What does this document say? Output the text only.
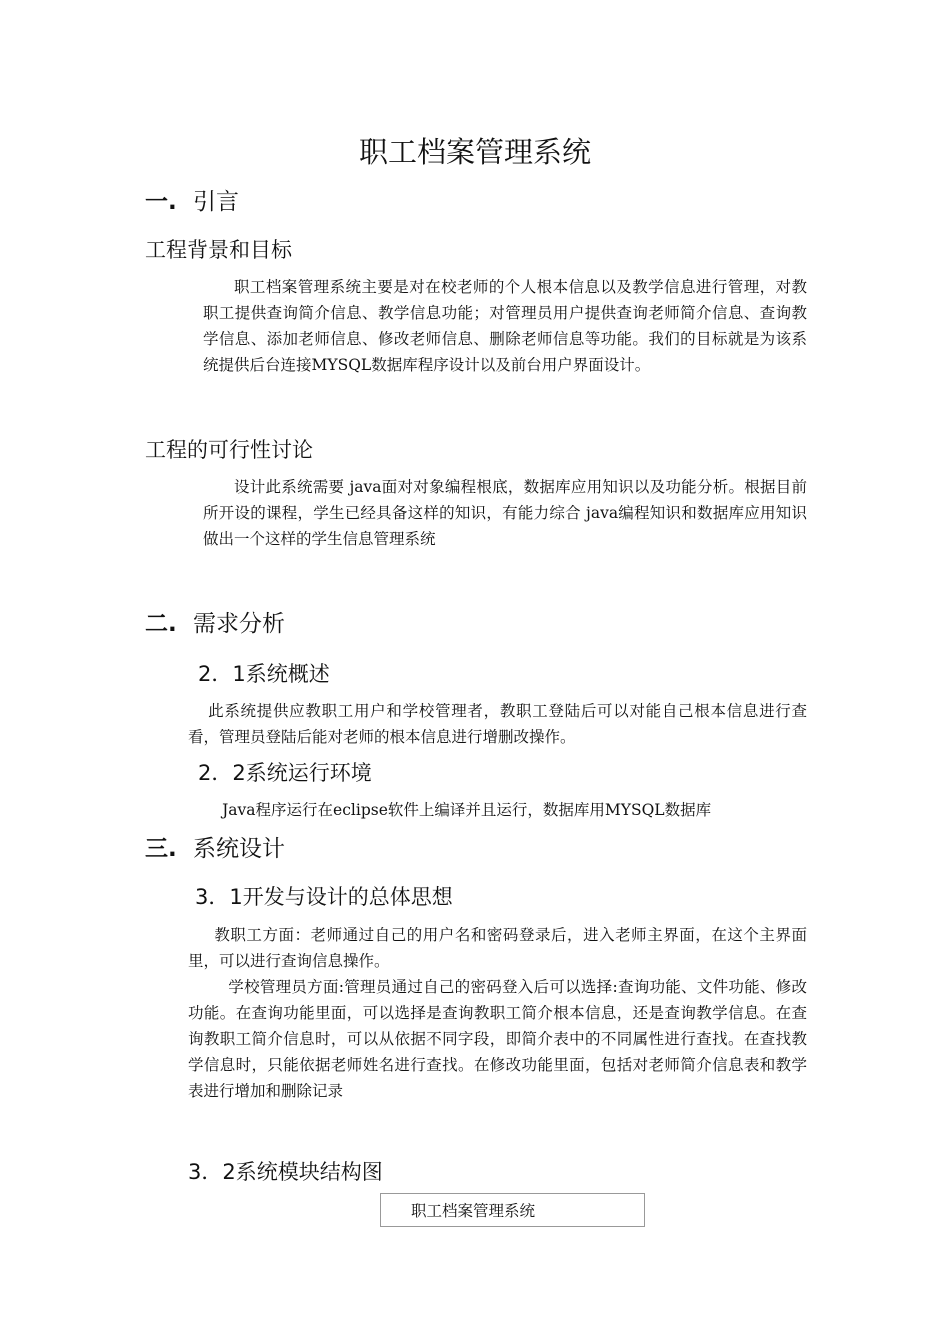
职工档案管理系统
一. 引言
工程背景和目标

职工档案管理系统主要是对在校老师的个人根本信息以及教学信息进行管理，对教职工提供查询简介信息、教学信息功能；对管理员用户提供查询老师简介信息、查询教学信息、添加老师信息、修改老师信息、删除老师信息等功能。我们的目标就是为该系统提供后台连接MYSQL数据库程序设计以及前台用户界面设计。

工程的可行性讨论

设计此系统需要 java面对对象编程根底，数据库应用知识以及功能分析。根据目前所开设的课程，学生已经具备这样的知识，有能力综合 java编程知识和数据库应用知识做出一个这样的学生信息管理系统

二. 需求分析
2．1系统概述

此系统提供应教职工用户和学校管理者，教职工登陆后可以对能自己根本信息进行查看，管理员登陆后能对老师的根本信息进行增删改操作。

2．2系统运行环境

Java程序运行在eclipse软件上编译并且运行，数据库用MYSQL数据库

三. 系统设计
3．1开发与设计的总体思想

教职工方面：老师通过自己的用户名和密码登录后，进入老师主界面，在这个主界面里，可以进行查询信息操作。

学校管理员方面:管理员通过自己的密码登入后可以选择:查询功能、文件功能、修改功能。在查询功能里面，可以选择是查询教职工简介根本信息，还是查询教学信息。在查询教职工简介信息时，可以从依据不同字段，即简介表中的不同属性进行查找。在查找教学信息时，只能依据老师姓名进行查找。在修改功能里面，包括对老师简介信息表和教学表进行增加和删除记录

3．2系统模块结构图
职工档案管理系统
